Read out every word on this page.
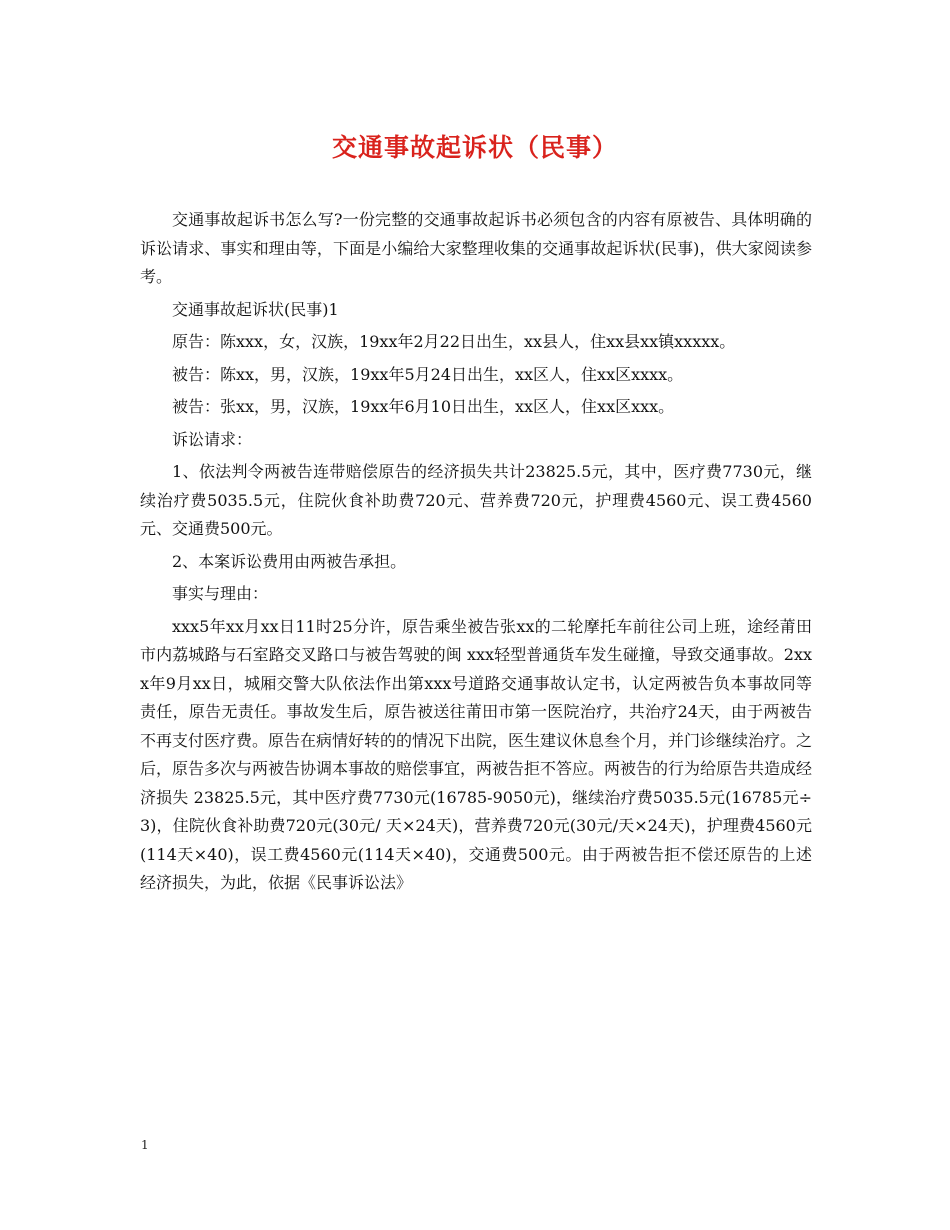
交通事故起诉状（民事）

交通事故起诉书怎么写?一份完整的交通事故起诉书必须包含的内容有原被告、具体明确的诉讼请求、事实和理由等，下面是小编给大家整理收集的交通事故起诉状(民事)，供大家阅读参考。

交通事故起诉状(民事)1

原告：陈xxx，女，汉族，19xx年2月22日出生，xx县人，住xx县xx镇xxxxx。

被告：陈xx，男，汉族，19xx年5月24日出生，xx区人，住xx区xxxx。

被告：张xx，男，汉族，19xx年6月10日出生，xx区人，住xx区xxx。

诉讼请求：

1、依法判令两被告连带赔偿原告的经济损失共计23825.5元，其中，医疗费7730元，继续治疗费5035.5元，住院伙食补助费720元、营养费720元，护理费4560元、误工费4560元、交通费500元。

2、本案诉讼费用由两被告承担。

事实与理由：

xxx5年xx月xx日11时25分许，原告乘坐被告张xx的二轮摩托车前往公司上班，途经莆田市内荔城路与石室路交叉路口与被告驾驶的闽 xxx轻型普通货车发生碰撞，导致交通事故。2xxx年9月xx日，城厢交警大队依法作出第xxx号道路交通事故认定书，认定两被告负本事故同等责任，原告无责任。事故发生后，原告被送往莆田市第一医院治疗，共治疗24天，由于两被告不再支付医疗费。原告在病情好转的的情况下出院，医生建议休息叁个月，并门诊继续治疗。之后，原告多次与两被告协调本事故的赔偿事宜，两被告拒不答应。两被告的行为给原告共造成经济损失 23825.5元，其中医疗费7730元(16785-9050元)，继续治疗费5035.5元(16785元÷3)，住院伙食补助费720元(30元/ 天×24天)，营养费720元(30元/天×24天)，护理费4560元(114天×40)，误工费4560元(114天×40)，交通费500元。由于两被告拒不偿还原告的上述经济损失，为此，依据《民事诉讼法》

1
